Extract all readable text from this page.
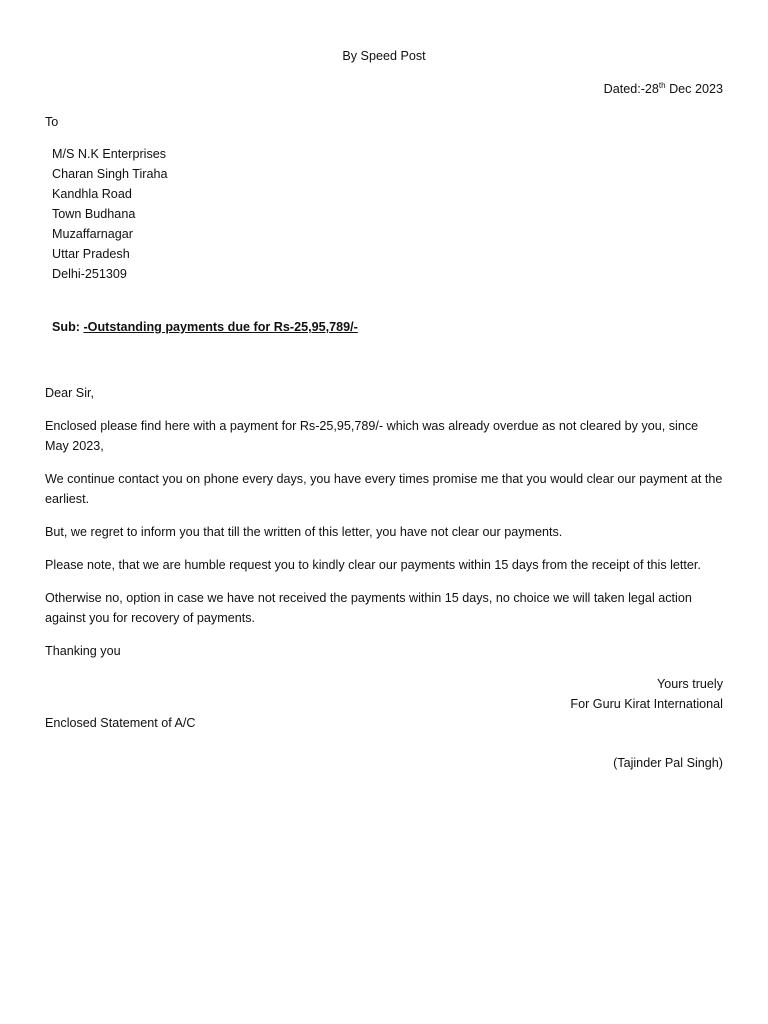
By Speed Post
Dated:-28th Dec 2023
To
M/S N.K Enterprises
Charan Singh Tiraha
Kandhla Road
Town Budhana
Muzaffarnagar
Uttar Pradesh
Delhi-251309
Sub: -Outstanding payments due for Rs-25,95,789/-
Dear Sir,
Enclosed please find here with a payment for Rs-25,95,789/- which was already overdue as not cleared by you, since May 2023,
We continue contact you on phone every days, you have every times promise me that you would clear our payment at the earliest.
But, we regret to inform you that till the written of this letter, you have not clear our payments.
Please note, that we are humble request you to kindly clear our payments within 15 days from the receipt of this letter.
Otherwise no, option in case we have not received the payments within 15 days, no choice we will taken legal action against you for recovery of payments.
Thanking you
Yours truely
For Guru Kirat International
Enclosed Statement of A/C
(Tajinder Pal Singh)
